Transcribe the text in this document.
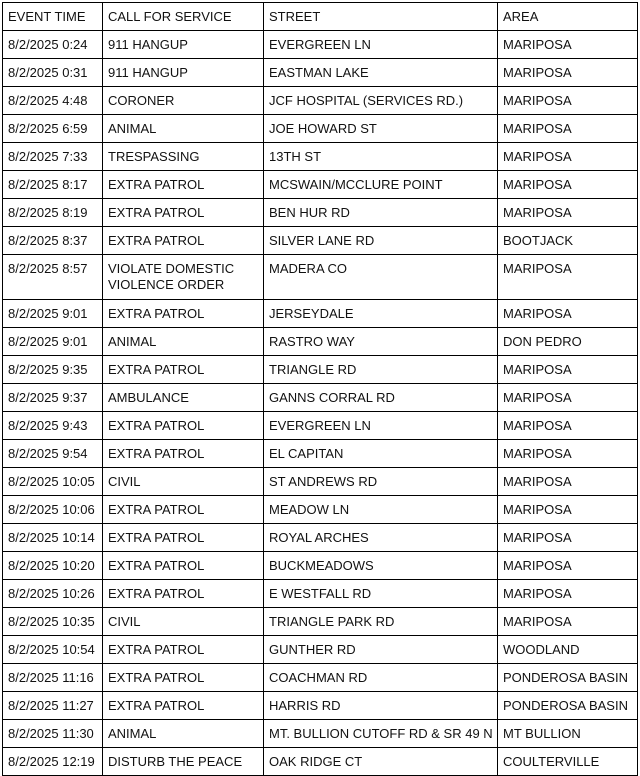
EVENT TIME	CALL FOR SERVICE	STREET	AREA
8/2/2025 0:24	911 HANGUP	EVERGREEN LN	MARIPOSA
8/2/2025 0:31	911 HANGUP	EASTMAN LAKE	MARIPOSA
8/2/2025 4:48	CORONER	JCF HOSPITAL (SERVICES RD.)	MARIPOSA
8/2/2025 6:59	ANIMAL	JOE HOWARD ST	MARIPOSA
8/2/2025 7:33	TRESPASSING	13TH ST	MARIPOSA
8/2/2025 8:17	EXTRA PATROL	MCSWAIN/MCCLURE POINT	MARIPOSA
8/2/2025 8:19	EXTRA PATROL	BEN HUR RD	MARIPOSA
8/2/2025 8:37	EXTRA PATROL	SILVER LANE RD	BOOTJACK
8/2/2025 8:57	VIOLATE DOMESTIC VIOLENCE ORDER	MADERA CO	MARIPOSA
8/2/2025 9:01	EXTRA PATROL	JERSEYDALE	MARIPOSA
8/2/2025 9:01	ANIMAL	RASTRO WAY	DON PEDRO
8/2/2025 9:35	EXTRA PATROL	TRIANGLE RD	MARIPOSA
8/2/2025 9:37	AMBULANCE	GANNS CORRAL RD	MARIPOSA
8/2/2025 9:43	EXTRA PATROL	EVERGREEN LN	MARIPOSA
8/2/2025 9:54	EXTRA PATROL	EL CAPITAN	MARIPOSA
8/2/2025 10:05	CIVIL	ST ANDREWS RD	MARIPOSA
8/2/2025 10:06	EXTRA PATROL	MEADOW LN	MARIPOSA
8/2/2025 10:14	EXTRA PATROL	ROYAL ARCHES	MARIPOSA
8/2/2025 10:20	EXTRA PATROL	BUCKMEADOWS	MARIPOSA
8/2/2025 10:26	EXTRA PATROL	E WESTFALL RD	MARIPOSA
8/2/2025 10:35	CIVIL	TRIANGLE PARK RD	MARIPOSA
8/2/2025 10:54	EXTRA PATROL	GUNTHER RD	WOODLAND
8/2/2025 11:16	EXTRA PATROL	COACHMAN RD	PONDEROSA BASIN
8/2/2025 11:27	EXTRA PATROL	HARRIS RD	PONDEROSA BASIN
8/2/2025 11:30	ANIMAL	MT. BULLION CUTOFF RD & SR 49 N	MT BULLION
8/2/2025 12:19	DISTURB THE PEACE	OAK RIDGE CT	COULTERVILLE
